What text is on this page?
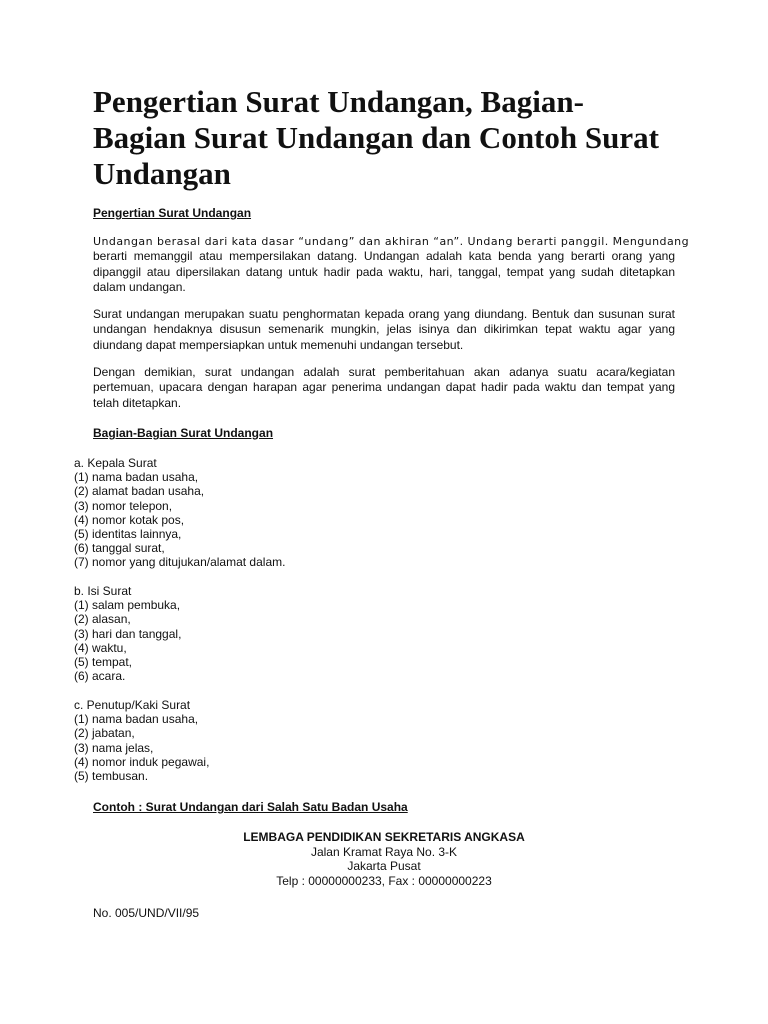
Pengertian Surat Undangan, Bagian-
Bagian Surat Undangan dan Contoh Surat
Undangan
Pengertian Surat Undangan

Undangan berasal dari kata dasar “undang” dan akhiran “an”. Undang berarti panggil. Mengundang
berarti memanggil atau mempersilakan datang. Undangan adalah kata benda yang berarti orang yang dipanggil atau dipersilakan datang untuk hadir pada waktu, hari, tanggal, tempat yang sudah ditetapkan dalam undangan.

Surat undangan merupakan suatu penghormatan kepada orang yang diundang. Bentuk dan susunan surat undangan hendaknya disusun semenarik mungkin, jelas isinya dan dikirimkan tepat waktu agar yang diundang dapat mempersiapkan untuk memenuhi undangan tersebut.

Dengan demikian, surat undangan adalah surat pemberitahuan akan adanya suatu acara/kegiatan pertemuan, upacara dengan harapan agar penerima undangan dapat hadir pada waktu dan tempat yang telah ditetapkan.

Bagian-Bagian Surat Undangan
a. Kepala Surat
(1) nama badan usaha,
(2) alamat badan usaha,
(3) nomor telepon,
(4) nomor kotak pos,
(5) identitas lainnya,
(6) tanggal surat,
(7) nomor yang ditujukan/alamat dalam.
b. Isi Surat
(1) salam pembuka,
(2) alasan,
(3) hari dan tanggal,
(4) waktu,
(5) tempat,
(6) acara.
c. Penutup/Kaki Surat
(1) nama badan usaha,
(2) jabatan,
(3) nama jelas,
(4) nomor induk pegawai,
(5) tembusan.
Contoh : Surat Undangan dari Salah Satu Badan Usaha
LEMBAGA PENDIDIKAN SEKRETARIS ANGKASA
Jalan Kramat Raya No. 3-K
Jakarta Pusat
Telp : 00000000233, Fax : 00000000223
No. 005/UND/VII/95
